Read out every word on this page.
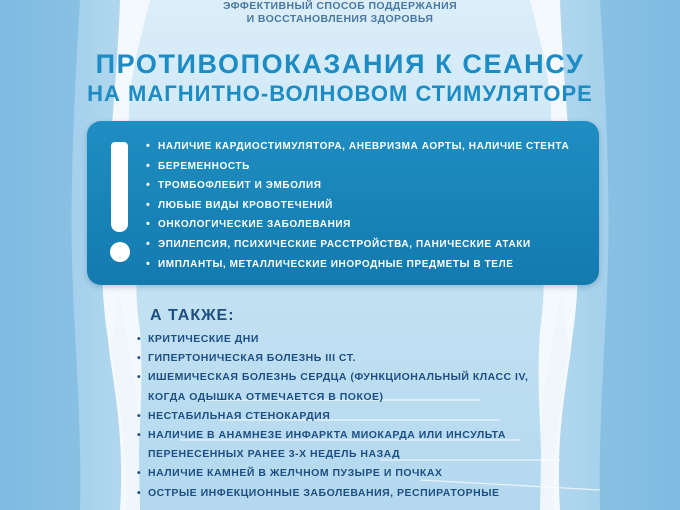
ЭФФЕКТИВНЫЙ СПОСОБ ПОДДЕРЖАНИЯ
И ВОССТАНОВЛЕНИЯ ЗДОРОВЬЯ
ПРОТИВОПОКАЗАНИЯ К СЕАНСУ
НА МАГНИТНО-ВОЛНОВОМ СТИМУЛЯТОРЕ
• НАЛИЧИЕ КАРДИОСТИМУЛЯТОРА, АНЕВРИЗМА АОРТЫ, НАЛИЧИЕ СТЕНТА
• БЕРЕМЕННОСТЬ
• ТРОМБОФЛЕБИТ И ЭМБОЛИЯ
• ЛЮБЫЕ ВИДЫ КРОВОТЕЧЕНИЙ
• ОНКОЛОГИЧЕСКИЕ ЗАБОЛЕВАНИЯ
• ЭПИЛЕПСИЯ, ПСИХИЧЕСКИЕ РАССТРОЙСТВА, ПАНИЧЕСКИЕ АТАКИ
• ИМПЛАНТЫ, МЕТАЛЛИЧЕСКИЕ ИНОРОДНЫЕ ПРЕДМЕТЫ В ТЕЛЕ
А ТАКЖЕ:
• КРИТИЧЕСКИЕ ДНИ
• ГИПЕРТОНИЧЕСКАЯ БОЛЕЗНЬ III СТ.
• ИШЕМИЧЕСКАЯ БОЛЕЗНЬ СЕРДЦА (ФУНКЦИОНАЛЬНЫЙ КЛАСС IV,
КОГДА ОДЫШКА ОТМЕЧАЕТСЯ В ПОКОЕ)
• НЕСТАБИЛЬНАЯ СТЕНОКАРДИЯ
• НАЛИЧИЕ В АНАМНЕЗЕ ИНФАРКТА МИОКАРДА ИЛИ ИНСУЛЬТА
ПЕРЕНЕСЕННЫХ РАНЕЕ 3-Х НЕДЕЛЬ НАЗАД
• НАЛИЧИЕ КАМНЕЙ В ЖЕЛЧНОМ ПУЗЫРЕ И ПОЧКАХ
• ОСТРЫЕ ИНФЕКЦИОННЫЕ ЗАБОЛЕВАНИЯ, РЕСПИРАТОРНЫЕ
